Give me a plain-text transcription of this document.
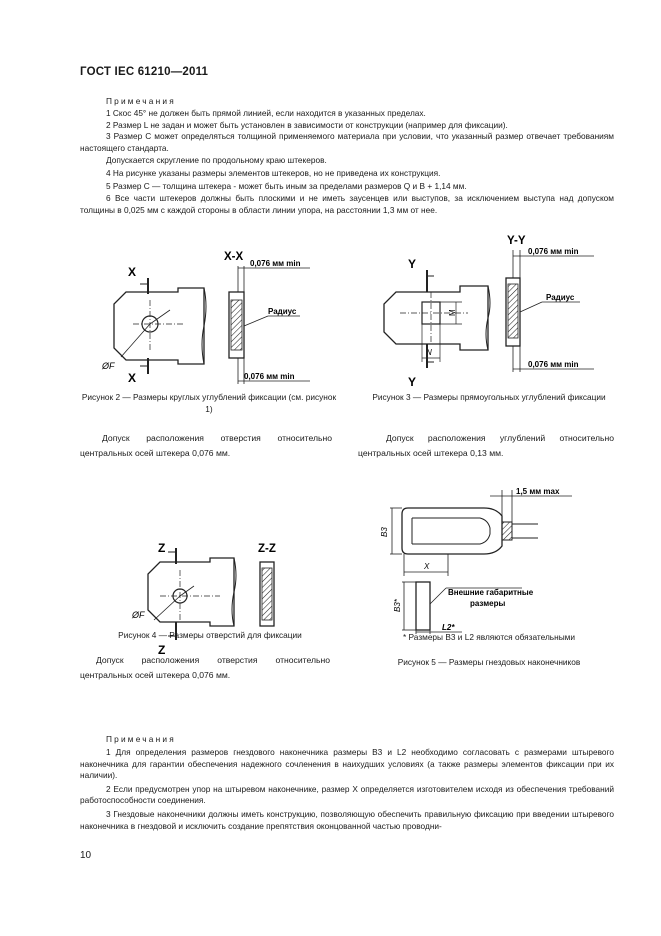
ГОСТ IEC 61210—2011
Примечания
1 Скос 45° не должен быть прямой линией, если находится в указанных пределах.
2 Размер L не задан и может быть установлен в зависимости от конструкции (например для фиксации).
3 Размер С может определяться толщиной применяемого материала при условии, что указанный размер отвечает требованиям настоящего стандарта.
Допускается скругление по продольному краю штекеров.
4 На рисунке указаны размеры элементов штекеров, но не приведена их конструкция.
5 Размер С — толщина штекера - может быть иным за пределами размеров Q и В + 1,14 мм.
6 Все части штекеров должны быть плоскими и не иметь заусенцев или выступов, за исключением выступа над допуском толщины в 0,025 мм с каждой стороны в области линии упора, на расстоянии 1,3 мм от нее.
X
X
ØF
X-X
0,076 мм min
0,076 мм min
Радиус
Рисунок 2 — Размеры круглых углублений фиксации (см. рисунок 1)
Допуск расположения отверстия относительно центральных осей штекера 0,076 мм.
M
N
Y
Y
Y-Y
0,076 мм min
0,076 мм min
Радиус
Рисунок 3 — Размеры прямоугольных углублений фиксации
Допуск расположения углублений относительно центральных осей штекера 0,13 мм.
Z
Z
ØF
Z-Z
Рисунок 4 — Размеры отверстий для фиксации
Допуск расположения отверстия относительно центральных осей штекера 0,076 мм.
1,5 мм max
B3
X
B3*
Внешние габаритные
размеры
L2*
* Размеры B3 и L2 являются обязательными
Рисунок 5 — Размеры гнездовых наконечников
Примечания
1 Для определения размеров гнездового наконечника размеры B3 и L2 необходимо согласовать с размерами штыревого наконечника для гарантии обеспечения надежного сочленения в наихудших условиях (а также размеры элементов фиксации при их наличии).
2 Если предусмотрен упор на штыревом наконечнике, размер X определяется изготовителем исходя из обеспечения требований работоспособности соединения.
3 Гнездовые наконечники должны иметь конструкцию, позволяющую обеспечить правильную фиксацию при введении штыревого наконечника в гнездовой и исключить создание препятствия оконцованной частью проводни-
10
